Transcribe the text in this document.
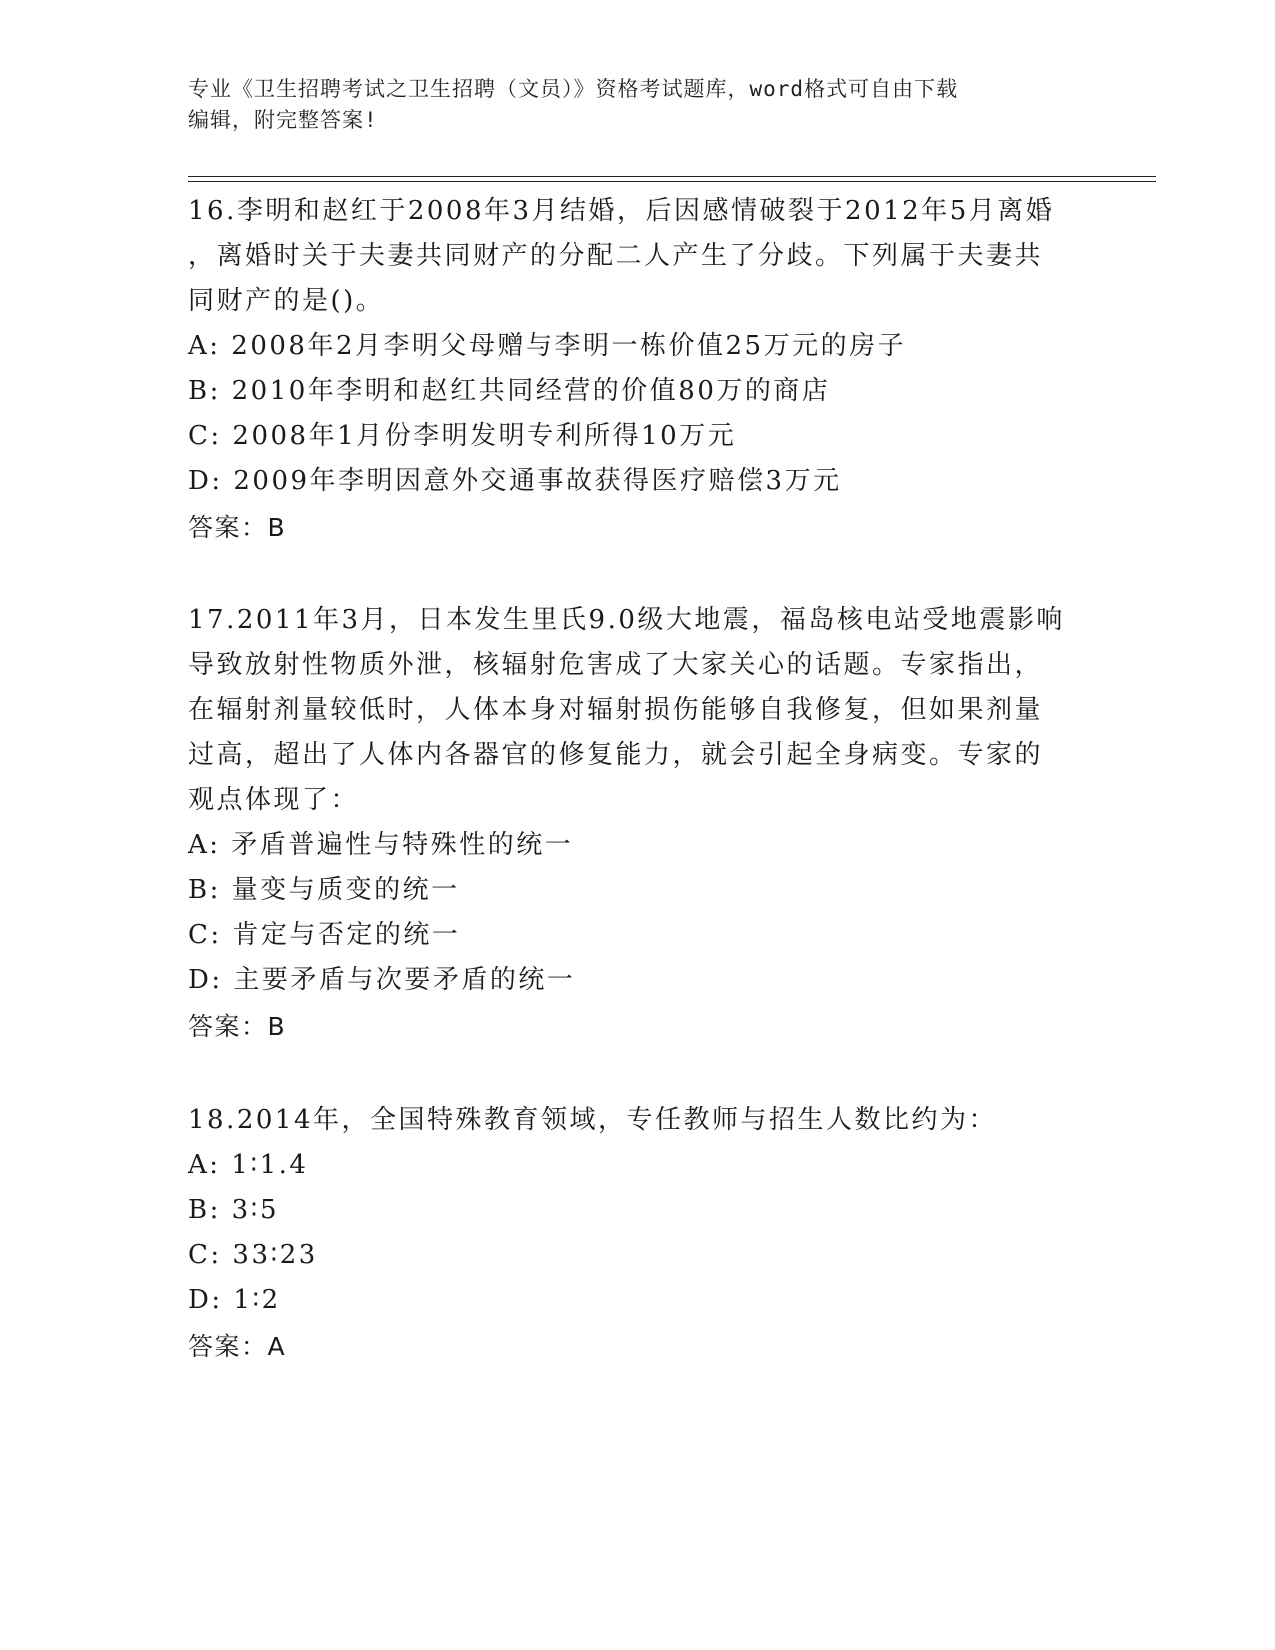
专业《卫生招聘考试之卫生招聘（文员）》资格考试题库，word格式可自由下载
编辑，附完整答案!
16.李明和赵红于2008年3月结婚，后因感情破裂于2012年5月离婚
，离婚时关于夫妻共同财产的分配二人产生了分歧。下列属于夫妻共
同财产的是()。
A: 2008年2月李明父母赠与李明一栋价值25万元的房子
B: 2010年李明和赵红共同经营的价值80万的商店
C: 2008年1月份李明发明专利所得10万元
D: 2009年李明因意外交通事故获得医疗赔偿3万元
答案：B
17.2011年3月，日本发生里氏9.0级大地震，福岛核电站受地震影响
导致放射性物质外泄，核辐射危害成了大家关心的话题。专家指出，
在辐射剂量较低时，人体本身对辐射损伤能够自我修复，但如果剂量
过高，超出了人体内各器官的修复能力，就会引起全身病变。专家的
观点体现了：
A: 矛盾普遍性与特殊性的统一
B: 量变与质变的统一
C: 肯定与否定的统一
D: 主要矛盾与次要矛盾的统一
答案：B
18.2014年，全国特殊教育领域，专任教师与招生人数比约为：
A: 1∶1.4
B: 3∶5
C: 33∶23
D: 1∶2
答案：A
